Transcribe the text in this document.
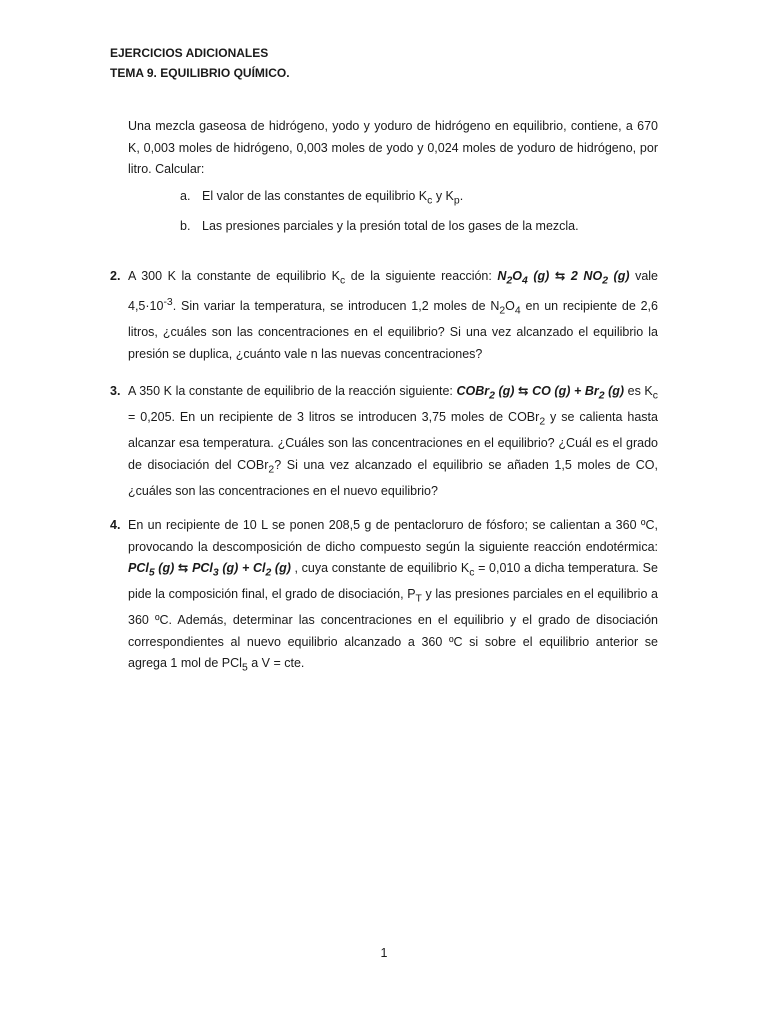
EJERCICIOS ADICIONALES
TEMA 9. EQUILIBRIO QUÍMICO.
Una mezcla gaseosa de hidrógeno, yodo y yoduro de hidrógeno en equilibrio, contiene, a 670 K, 0,003 moles de hidrógeno, 0,003 moles de yodo y 0,024 moles de yoduro de hidrógeno, por litro. Calcular:
a. El valor de las constantes de equilibrio $K_c$ y $K_p$.
b. Las presiones parciales y la presión total de los gases de la mezcla.
2. A 300 K la constante de equilibrio $K_c$ de la siguiente reacción: $N_2O_4$ (g) ⇆ 2 $NO_2$ (g) vale $4,5\cdot 10^{-3}$. Sin variar la temperatura, se introducen 1,2 moles de $N_2O_4$ en un recipiente de 2,6 litros, ¿cuáles son las concentraciones en el equilibrio? Si una vez alcanzado el equilibrio la presión se duplica, ¿cuánto vale n las nuevas concentraciones?
3. A 350 K la constante de equilibrio de la reacción siguiente: COBr$_2$ (g) ⇆ CO $(g) + Br_2$ (g) es $K_c = 0,205$. En un recipiente de 3 litros se introducen 3,75 moles de COBr$_2$ y se calienta hasta alcanzar esa temperatura. ¿Cuáles son las concentraciones en el equilibrio? ¿Cuál es el grado de disociación del COBr$_2$? Si una vez alcanzado el equilibrio se añaden 1,5 moles de CO, ¿cuáles son las concentraciones en el nuevo equilibrio?
4. En un recipiente de 10 L se ponen 208,5 g de pentacloruro de fósforo; se calientan a 360 ºC, provocando la descomposición de dicho compuesto según la siguiente reacción endotérmica: PCl$_5$ (g) ⇆ PCl$_3$ $(g) + Cl_2$ (g) , cuya constante de equilibrio $K_c = 0,010$ a dicha temperatura. Se pide la composición final, el grado de disociación, $P_T$ y las presiones parciales en el equilibrio a 360 ºC. Además, determinar las concentraciones en el equilibrio y el grado de disociación correspondientes al nuevo equilibrio alcanzado a 360 ºC si sobre el equilibrio anterior se agrega 1 mol de PCl$_5$ a V = cte.
1
